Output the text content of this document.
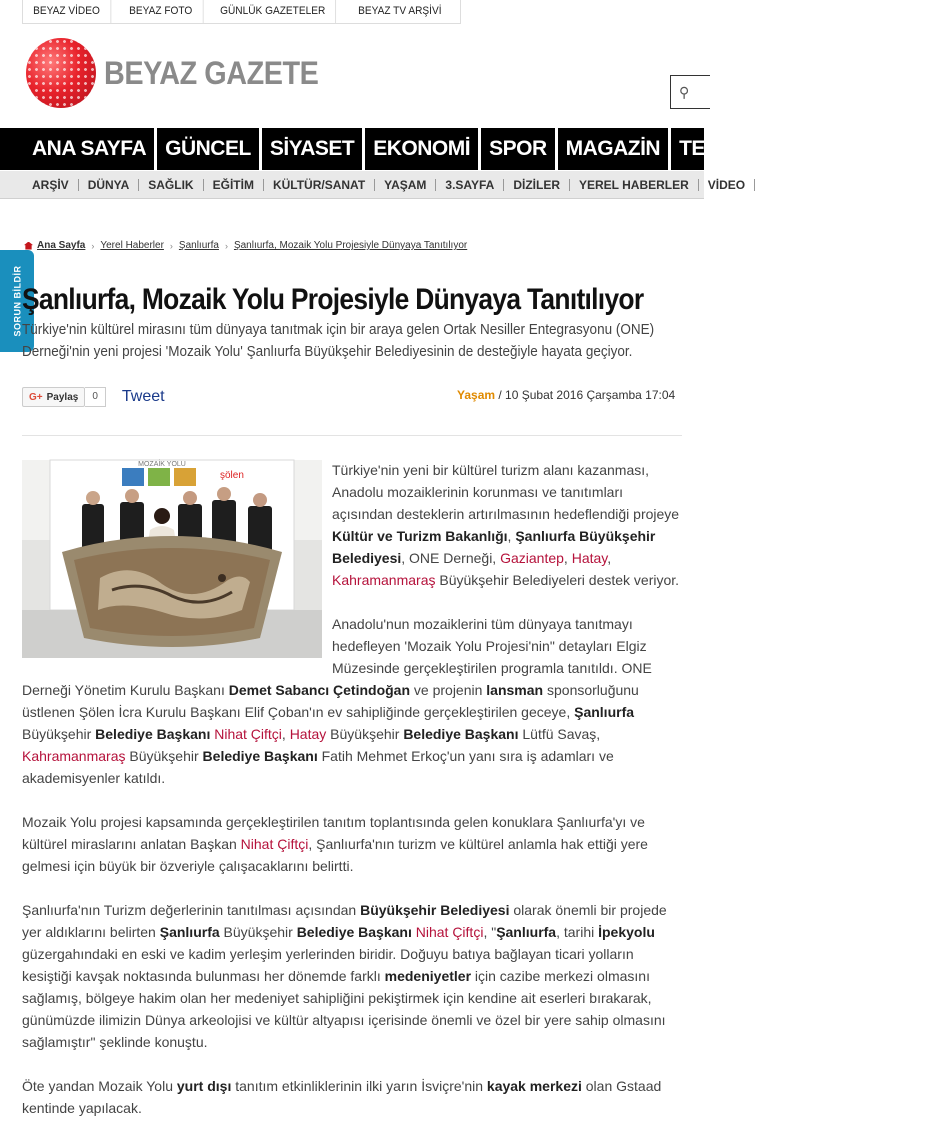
BEYAZ VİDEO	BEYAZ FOTO	GÜNLÜK GAZETELER	BEYAZ TV ARŞİVİ
BEYAZ GAZETE
⚲
ANA SAYFA GÜNCEL SİYASET EKONOMİ SPOR MAGAZİN TEKNOLOJİ TEKNOLOJİ
ARŞİV	DÜNYA	SAĞLIK	EĞİTİM	KÜLTÜR/SANAT	YAŞAM	3.SAYFA	DİZİLER	YEREL HABERLER	VİDEO
Ana Sayfa › Yerel Haberler › Şanlıurfa › Şanlıurfa, Mozaik Yolu Projesiyle Dünyaya Tanıtılıyor
SORUN BİLDİR Şanlıurfa, Mozaik Yolu Projesiyle Dünyaya Tanıtılıyor

Türkiye'nin kültürel mirasını tüm dünyaya tanıtmak için bir araya gelen Ortak Nesiller Entegrasyonu (ONE) Derneği'nin yeni projesi 'Mozaik Yolu' Şanlıurfa Büyükşehir Belediyesinin de desteğiyle hayata geçiyor.

G+ Paylaş	0	Tweet	Yaşam / 10 Şubat 2016 Çarşamba 17:04
MOZAİK YOLU
şölen	Türkiye'nin yeni bir kültürel turizm alanı kazanması, Anadolu mozaiklerinin korunması ve tanıtımları açısından desteklerin artırılmasının hedeflendiği projeye Kültür ve Turizm Bakanlığı, Şanlıurfa Büyükşehir Belediyesi, ONE Derneği, Gaziantep, Hatay, Kahramanmaraş Büyükşehir Belediyeleri destek veriyor.

Anadolu'nun mozaiklerini tüm dünyaya tanıtmayı hedefleyen 'Mozaik Yolu Projesi'nin" detayları Elgiz Müzesinde gerçekleştirilen programla tanıtıldı. ONE Derneği Yönetim Kurulu Başkanı Demet Sabancı Çetindoğan ve projenin lansman sponsorluğunu üstlenen Şölen İcra Kurulu Başkanı Elif Çoban'ın ev sahipliğinde gerçekleştirilen geceye, Şanlıurfa Büyükşehir Belediye Başkanı Nihat Çiftçi, Hatay Büyükşehir Belediye Başkanı Lütfü Savaş, Kahramanmaraş Büyükşehir Belediye Başkanı Fatih Mehmet Erkoç'un yanı sıra iş adamları ve akademisyenler katıldı.

Mozaik Yolu projesi kapsamında gerçekleştirilen tanıtım toplantısında gelen konuklara Şanlıurfa'yı ve kültürel miraslarını anlatan Başkan Nihat Çiftçi, Şanlıurfa'nın turizm ve kültürel anlamla hak ettiği yere gelmesi için büyük bir özveriyle çalışacaklarını belirtti.

Şanlıurfa'nın Turizm değerlerinin tanıtılması açısından Büyükşehir Belediyesi olarak önemli bir projede yer aldıklarını belirten Şanlıurfa Büyükşehir Belediye Başkanı Nihat Çiftçi, "Şanlıurfa, tarihi İpekyolu güzergahındaki en eski ve kadim yerleşim yerlerinden biridir. Doğuyu batıya bağlayan ticari yolların kesiştiği kavşak noktasında bulunması her dönemde farklı medeniyetler için cazibe merkezi olmasını sağlamış, bölgeye hakim olan her medeniyet sahipliğini pekiştirmek için kendine ait eserleri bırakarak, günümüzde ilimizin Dünya arkeolojisi ve kültür altyapısı içerisinde önemli ve özel bir yere sahip olmasını sağlamıştır" şeklinde konuştu.

Öte yandan Mozaik Yolu yurt dışı tanıtım etkinliklerinin ilki yarın İsviçre'nin kayak merkezi olan Gstaad kentinde yapılacak.
